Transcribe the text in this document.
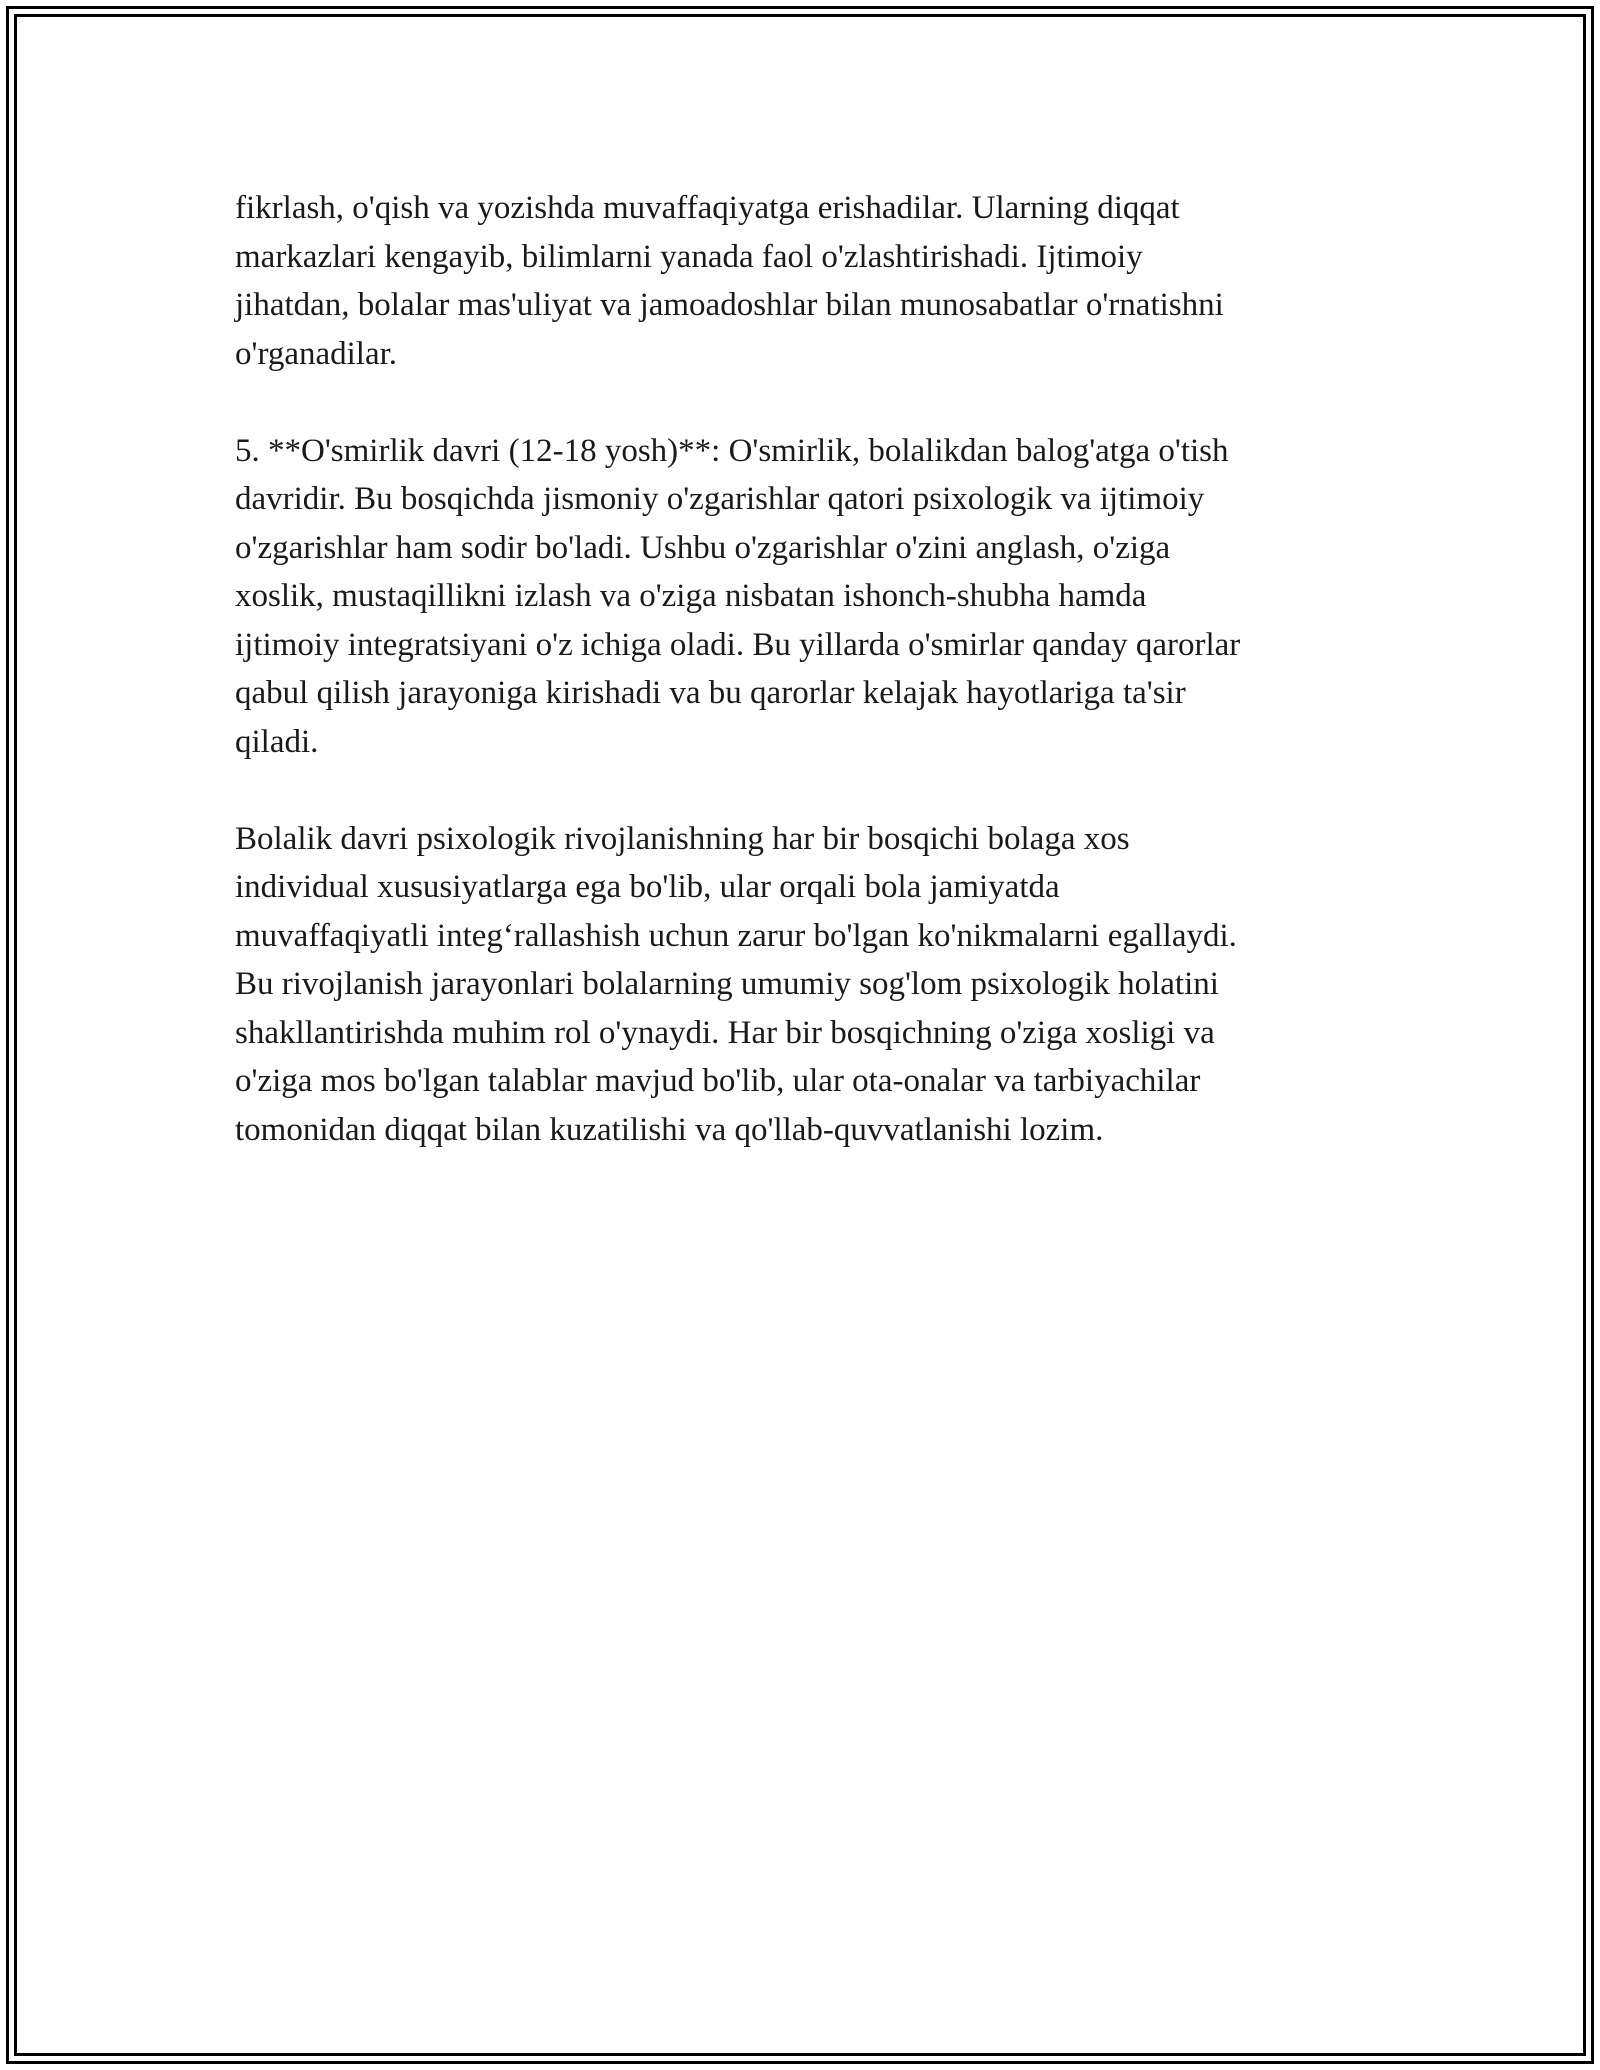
fikrlash, o'qish va yozishda muvaffaqiyatga erishadilar. Ularning diqqat
markazlari kengayib, bilimlarni yanada faol o'zlashtirishadi. Ijtimoiy
jihatdan, bolalar mas'uliyat va jamoadoshlar bilan munosabatlar o'rnatishni
o'rganadilar.

5. **O'smirlik davri (12-18 yosh)**: O'smirlik, bolalikdan balog'atga o'tish
davridir. Bu bosqichda jismoniy o'zgarishlar qatori psixologik va ijtimoiy
o'zgarishlar ham sodir bo'ladi. Ushbu o'zgarishlar o'zini anglash, o'ziga
xoslik, mustaqillikni izlash va o'ziga nisbatan ishonch-shubha hamda
ijtimoiy integratsiyani o'z ichiga oladi. Bu yillarda o'smirlar qanday qarorlar
qabul qilish jarayoniga kirishadi va bu qarorlar kelajak hayotlariga ta'sir
qiladi.

Bolalik davri psixologik rivojlanishning har bir bosqichi bolaga xos
individual xususiyatlarga ega bo'lib, ular orqali bola jamiyatda
muvaffaqiyatli integ‘rallashish uchun zarur bo'lgan ko'nikmalarni egallaydi.
Bu rivojlanish jarayonlari bolalarning umumiy sog'lom psixologik holatini
shakllantirishda muhim rol o'ynaydi. Har bir bosqichning o'ziga xosligi va
o'ziga mos bo'lgan talablar mavjud bo'lib, ular ota-onalar va tarbiyachilar
tomonidan diqqat bilan kuzatilishi va qo'llab-quvvatlanishi lozim.
